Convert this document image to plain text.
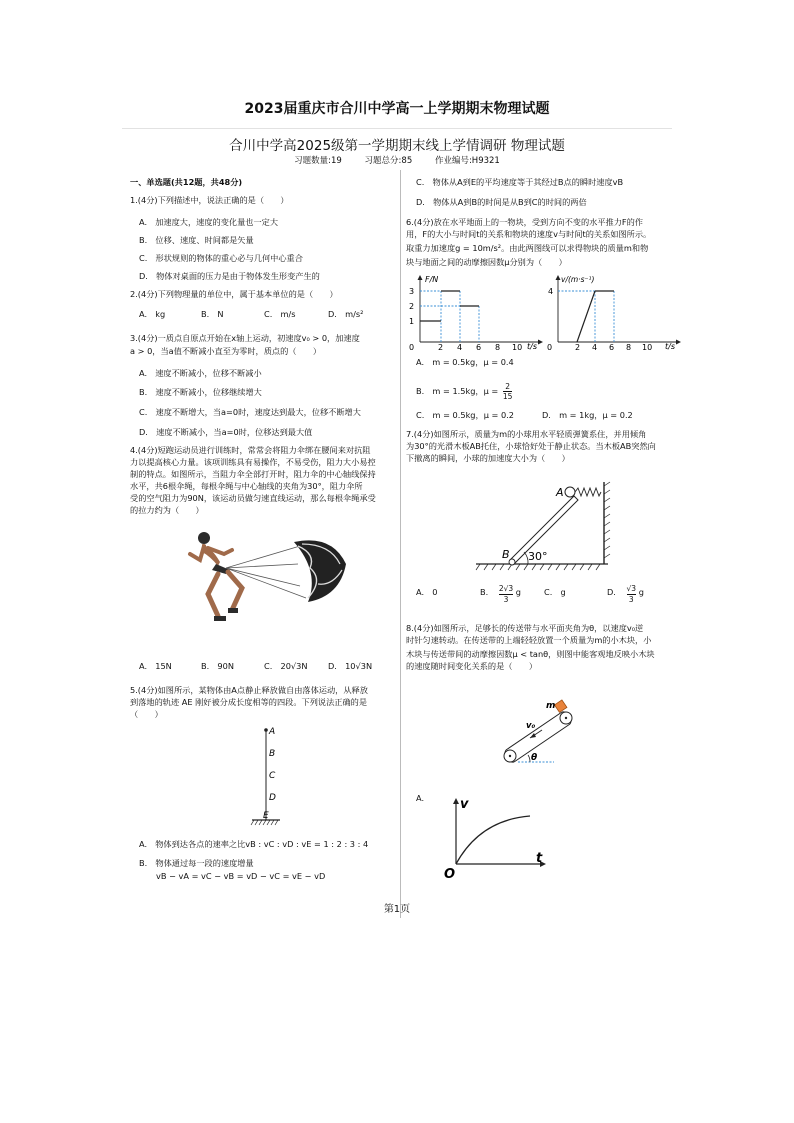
2023届重庆市合川中学高一上学期期末物理试题
合川中学高2025级第一学期期末线上学情调研 物理试题
习题数量:19	习题总分:85	作业编号:H9321
一、单选题(共12题，共48分)
1.(4分)下列描述中，说法正确的是（　　）
A.　加速度大，速度的变化量也一定大
B.　位移、速度、时间都是矢量
C.　形状规则的物体的重心必与几何中心重合
D.　物体对桌面的压力是由于物体发生形变产生的
2.(4分)下列物理量的单位中，属于基本单位的是（　　）
A.　kg	B.　N	C.　m/s	D.　m/s²
3.(4分)一质点自原点开始在x轴上运动，初速度v₀ > 0，加速度
a > 0，当a值不断减小直至为零时，质点的（　　）
A.　速度不断减小，位移不断减小
B.　速度不断减小，位移继续增大
C.　速度不断增大，当a=0时，速度达到最大，位移不断增大
D.　速度不断减小，当a=0时，位移达到最大值
4.(4分)短跑运动员进行训练时，常常会将阻力伞绑在腰间来对抗阻
力以提高核心力量。该项训练具有易操作，不易受伤，阻力大小易控
制的特点。如图所示，当阻力伞全部打开时，阻力伞的中心轴线保持
水平，共6根伞绳，每根伞绳与中心轴线的夹角为30°，阻力伞所
受的空气阻力为90N，该运动员做匀速直线运动，那么每根伞绳承受
的拉力约为（　　）
A.　15N	B.　90N	C.　20√3N	D.　10√3N
5.(4分)如图所示，某物体由A点静止释放做自由落体运动，从释放
到落地的轨迹 AE 刚好被分成长度相等的四段。下列说法正确的是
（　　）
A
B
C
D
E
A.　物体到达各点的速率之比vB : vC : vD : vE = 1 : 2 : 3 : 4
B.　物体通过每一段的速度增量
vB − vA = vC − vB = vD − vC = vE − vD
C.　物体从A到E的平均速度等于其经过B点的瞬时速度vB
D.　物体从A到B的时间是从B到C的时间的两倍
6.(4分)放在水平地面上的一物块，受到方向不变的水平推力F的作
用，F的大小与时间t的关系和物块的速度v与时间t的关系如图所示。
取重力加速度g = 10m/s²。由此两图线可以求得物块的质量m和物
块与地面之间的动摩擦因数μ分别为（　　）
F/N
t/s
3
2
1
0	2 4 6 8 10
v/(m·s⁻¹)
t/s
4
0	2 4 6 8 10
A.　m = 0.5kg，μ = 0.4
B.　m = 1.5kg，$\mu = \frac{2}{15}$
C.　m = 0.5kg，μ = 0.2	D.　m = 1kg，μ = 0.2
7.(4分)如图所示，质量为m的小球用水平轻质弹簧系住，并用倾角
为30°的光滑木板AB托住，小球恰好处于静止状态。当木板AB突然向
下撤离的瞬间，小球的加速度大小为（　　）
A
B 30°
A.　0	B. $\frac{2√3}{3}$ g	C.　g	D. $\frac{√3}{3}$ g
8.(4分)如图所示，足够长的传送带与水平面夹角为θ，以速度v₀逆
时针匀速转动。在传送带的上端轻轻放置一个质量为m的小木块，小
木块与传送带间的动摩擦因数μ < tanθ，则图中能客观地反映小木块
的速度随时间变化关系的是（　　）
m
v₀
θ
A.	v
t
O
第1页
